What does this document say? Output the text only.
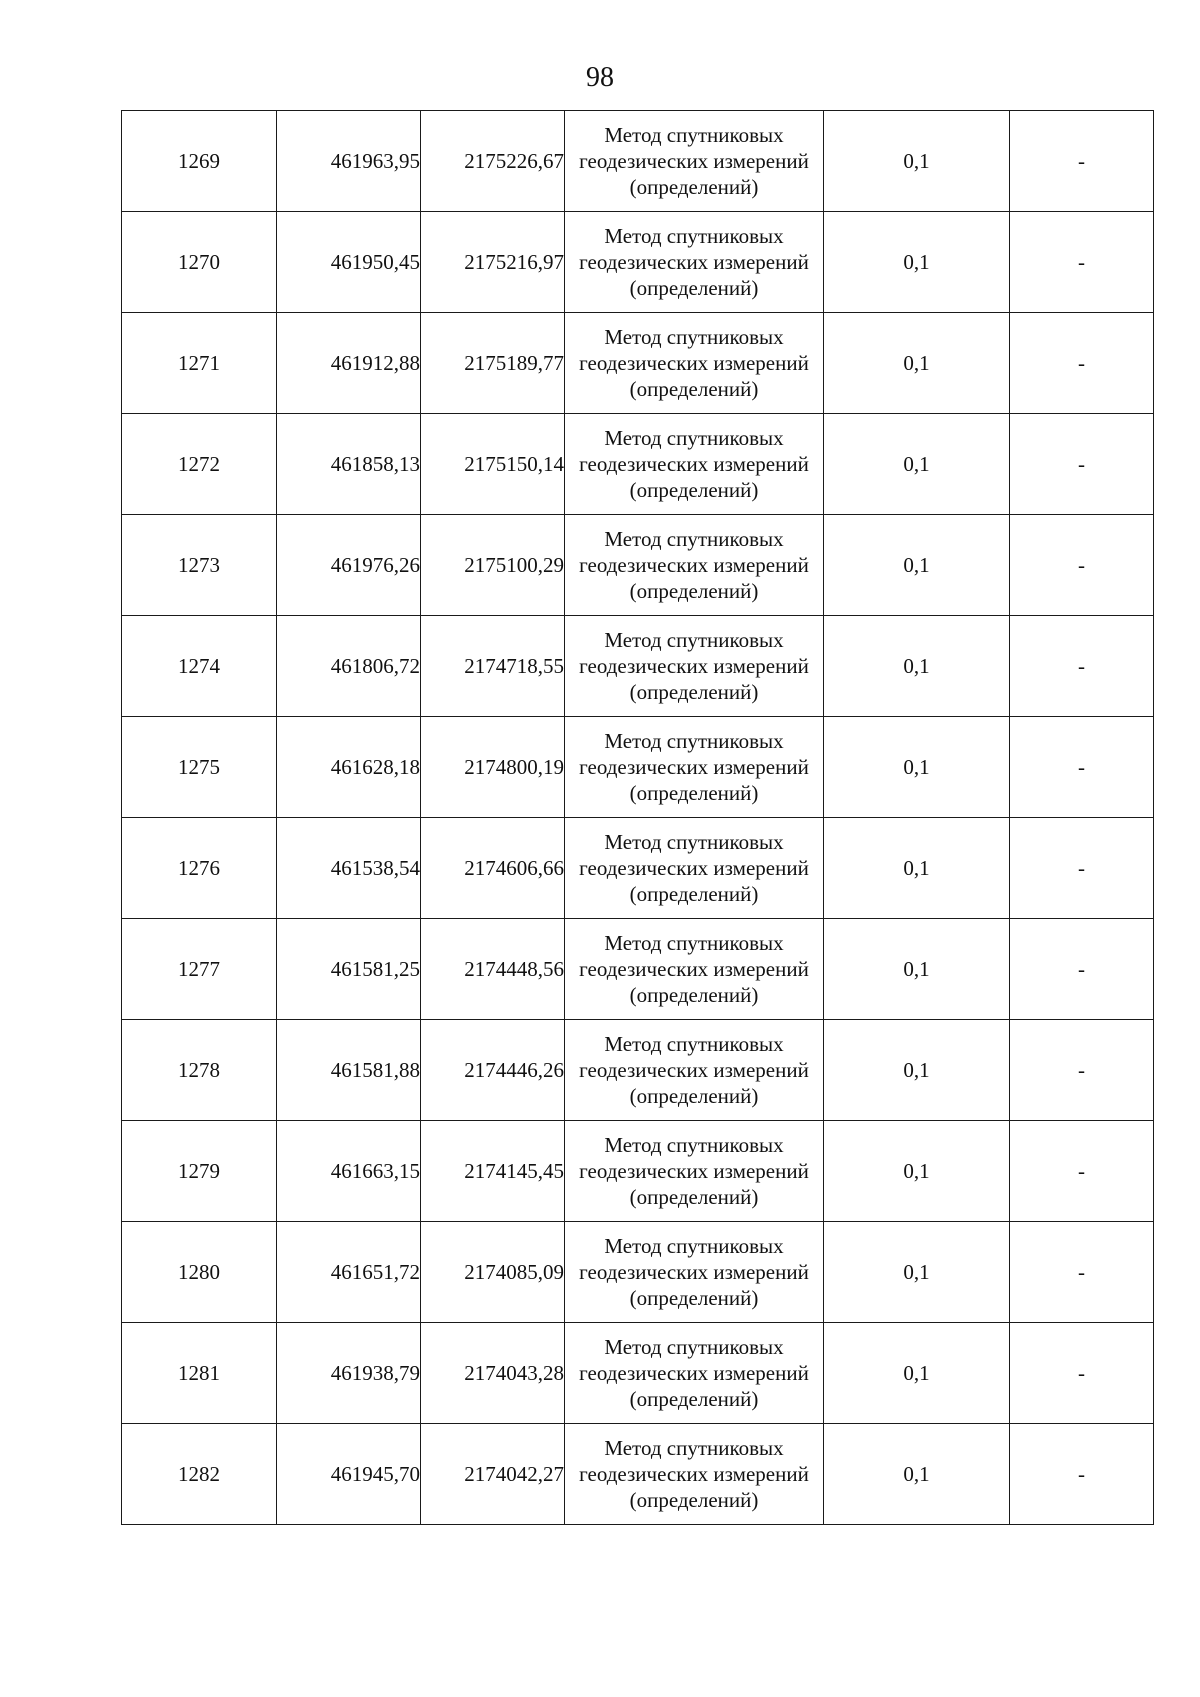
98
1269	461963,95	2175226,67	Метод спутниковых
геодезических измерений
(определений)	0,1	-
1270	461950,45	2175216,97	Метод спутниковых
геодезических измерений
(определений)	0,1	-
1271	461912,88	2175189,77	Метод спутниковых
геодезических измерений
(определений)	0,1	-
1272	461858,13	2175150,14	Метод спутниковых
геодезических измерений
(определений)	0,1	-
1273	461976,26	2175100,29	Метод спутниковых
геодезических измерений
(определений)	0,1	-
1274	461806,72	2174718,55	Метод спутниковых
геодезических измерений
(определений)	0,1	-
1275	461628,18	2174800,19	Метод спутниковых
геодезических измерений
(определений)	0,1	-
1276	461538,54	2174606,66	Метод спутниковых
геодезических измерений
(определений)	0,1	-
1277	461581,25	2174448,56	Метод спутниковых
геодезических измерений
(определений)	0,1	-
1278	461581,88	2174446,26	Метод спутниковых
геодезических измерений
(определений)	0,1	-
1279	461663,15	2174145,45	Метод спутниковых
геодезических измерений
(определений)	0,1	-
1280	461651,72	2174085,09	Метод спутниковых
геодезических измерений
(определений)	0,1	-
1281	461938,79	2174043,28	Метод спутниковых
геодезических измерений
(определений)	0,1	-
1282	461945,70	2174042,27	Метод спутниковых
геодезических измерений
(определений)	0,1	-
